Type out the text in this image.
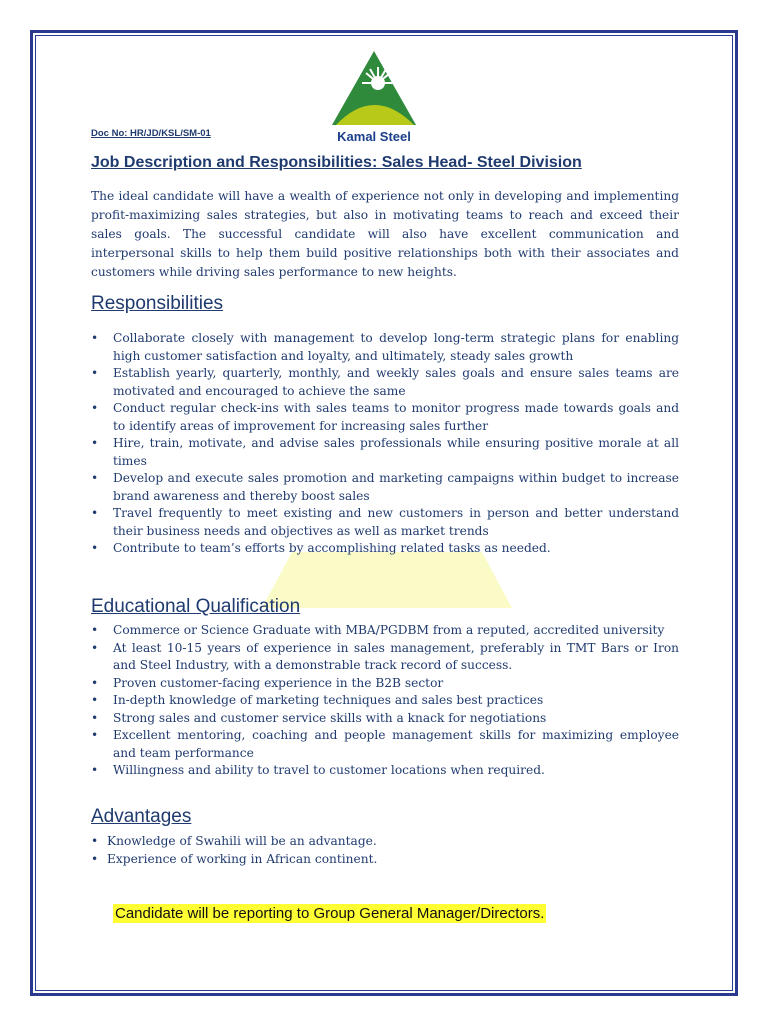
Kamal Steel
Doc No: HR/JD/KSL/SM-01
Job Description and Responsibilities: Sales Head- Steel Division

The ideal candidate will have a wealth of experience not only in developing and implementing profit-maximizing sales strategies, but also in motivating teams to reach and exceed their sales goals. The successful candidate will also have excellent communication and interpersonal skills to help them build positive relationships both with their associates and customers while driving sales performance to new heights.

Responsibilities
• Collaborate closely with management to develop long-term strategic plans for enabling high customer satisfaction and loyalty, and ultimately, steady sales growth
• Establish yearly, quarterly, monthly, and weekly sales goals and ensure sales teams are motivated and encouraged to achieve the same
• Conduct regular check-ins with sales teams to monitor progress made towards goals and to identify areas of improvement for increasing sales further
• Hire, train, motivate, and advise sales professionals while ensuring positive morale at all times
• Develop and execute sales promotion and marketing campaigns within budget to increase brand awareness and thereby boost sales
• Travel frequently to meet existing and new customers in person and better understand their business needs and objectives as well as market trends
• Contribute to team’s efforts by accomplishing related tasks as needed.
Educational Qualification
• Commerce or Science Graduate with MBA/PGDBM from a reputed, accredited university
• At least 10-15 years of experience in sales management, preferably in TMT Bars or Iron and Steel Industry, with a demonstrable track record of success.
• Proven customer-facing experience in the B2B sector
• In-depth knowledge of marketing techniques and sales best practices
• Strong sales and customer service skills with a knack for negotiations
• Excellent mentoring, coaching and people management skills for maximizing employee and team performance
• Willingness and ability to travel to customer locations when required.
Advantages
• Knowledge of Swahili will be an advantage.
• Experience of working in African continent.

Candidate will be reporting to Group General Manager/Directors.
